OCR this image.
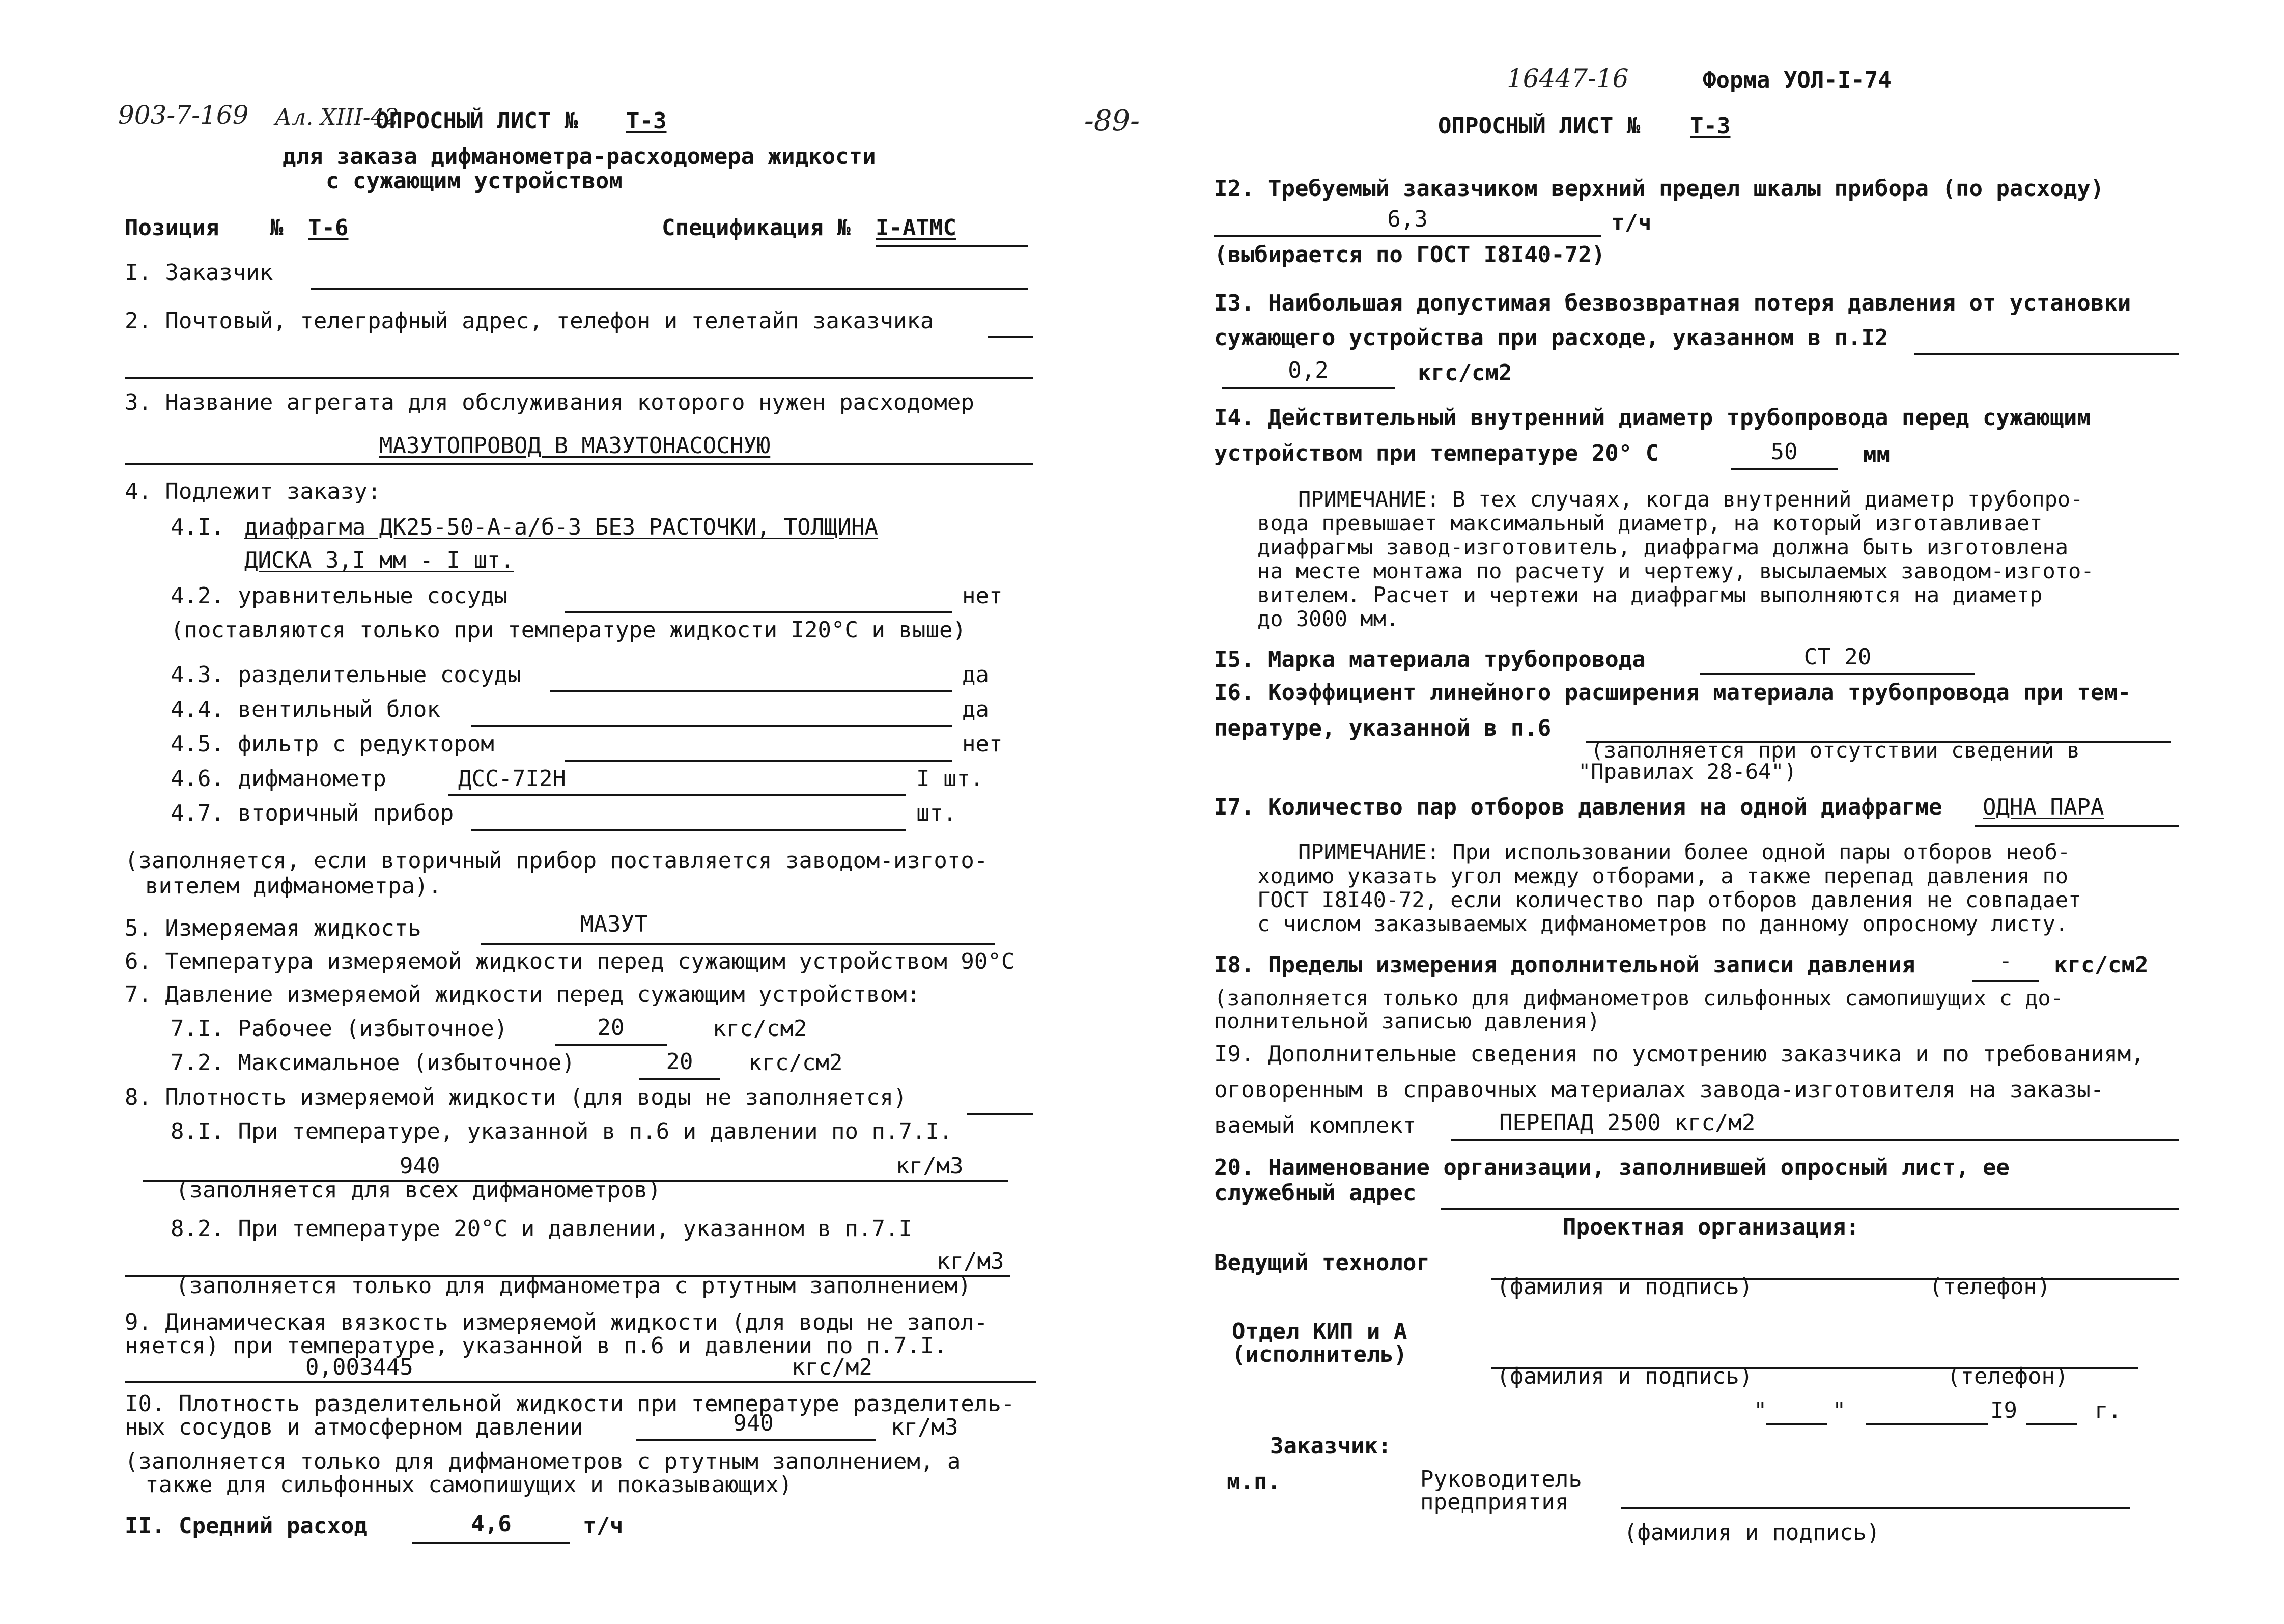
903-7-169 Ал. XIII-42
ОПРОСНЫЙ ЛИСТ № Т-3
для заказа дифманометра-расходомера жидкости
с сужающим устройством
Позиция № Т-6	Спецификация № I-АТМС
I. Заказчик
2. Почтовый, телеграфный адрес, телефон и телетайп заказчика
3. Название агрегата для обслуживания которого нужен расходомер
МАЗУТОПРОВОД В МАЗУТОНАСОСНУЮ
4. Подлежит заказу:
4.I. диафрагма ДК25-50-А-а/б-3 БЕЗ РАСТОЧКИ, ТОЛЩИНА
ДИСКА 3,I мм - I шт.
4.2. уравнительные сосуды	нет
(поставляются только при температуре жидкости I20°C и выше)
4.3. разделительные сосуды	да
4.4. вентильный блок	да
4.5. фильтр с редуктором	нет
4.6. дифманометр	ДСС-7I2Н	I шт.
4.7. вторичный прибор	шт.
(заполняется, если вторичный прибор поставляется заводом-изгото-
вителем дифманометра).
5. Измеряемая жидкость	МАЗУТ
6. Температура измеряемой жидкости перед сужающим устройством 90°C
7. Давление измеряемой жидкости перед сужающим устройством:
7.I. Рабочее (избыточное)	20	кгс/см2
7.2. Максимальное (избыточное)	20	кгс/см2
8. Плотность измеряемой жидкости (для воды не заполняется)
8.I. При температуре, указанной в п.6 и давлении по п.7.I.
940	кг/м3
(заполняется для всех дифманометров)
8.2. При температуре 20°C и давлении, указанном в п.7.I
кг/м3
(заполняется только для дифманометра с ртутным заполнением)
9. Динамическая вязкость измеряемой жидкости (для воды не запол-
няется) при температуре, указанной в п.6 и давлении по п.7.I.
0,003445	кгс/м2
I0. Плотность разделительной жидкости при температуре разделитель-
ных сосудов и атмосферном давлении	940	кг/м3
(заполняется только для дифманометров с ртутным заполнением, а
также для сильфонных самопишущих и показывающих)
II. Средний расход	4,6	т/ч
-89-
16447-16	Форма УОЛ-I-74
ОПРОСНЫЙ ЛИСТ № Т-3
I2. Требуемый заказчиком верхний предел шкалы прибора (по расходу)
6,3	т/ч
(выбирается по ГОСТ I8I40-72)
I3. Наибольшая допустимая безвозвратная потеря давления от установки
сужающего устройства при расходе, указанном в п.I2
0,2	кгс/см2
I4. Действительный внутренний диаметр трубопровода перед сужающим
устройством при температуре 20° С	50	мм
ПРИМЕЧАНИЕ: В тех случаях, когда внутренний диаметр трубопро-
вода превышает максимальный диаметр, на который изготавливает
диафрагмы завод-изготовитель, диафрагма должна быть изготовлена
на месте монтажа по расчету и чертежу, высылаемых заводом-изгото-
вителем. Расчет и чертежи на диафрагмы выполняются на диаметр
до 3000 мм.
I5. Марка материала трубопровода	СТ 20
I6. Коэффициент линейного расширения материала трубопровода при тем-
пературе, указанной в п.6
(заполняется при отсутствии сведений в
"Правилах 28-64")
I7. Количество пар отборов давления на одной диафрагме ОДНА ПАРА
ПРИМЕЧАНИЕ: При использовании более одной пары отборов необ-
ходимо указать угол между отборами, а также перепад давления по
ГОСТ I8I40-72, если количество пар отборов давления не совпадает
с числом заказываемых дифманометров по данному опросному листу.
I8. Пределы измерения дополнительной записи давления	-	кгс/см2
(заполняется только для дифманометров сильфонных самопишущих с до-
полнительной записью давления)
I9. Дополнительные сведения по усмотрению заказчика и по требованиям,
оговоренным в справочных материалах завода-изготовителя на заказы-
ваемый комплект	ПЕРЕПАД 2500 кгс/м2
20. Наименование организации, заполнившей опросный лист, ее
служебный адрес
Проектная организация:
Ведущий технолог
(фамилия и подпись)	(телефон)
Отдел КИП и А
(исполнитель)
(фамилия и подпись)	(телефон)
"	"	I9	г.
Заказчик:
м.п.	Руководитель
предприятия
(фамилия и подпись)
